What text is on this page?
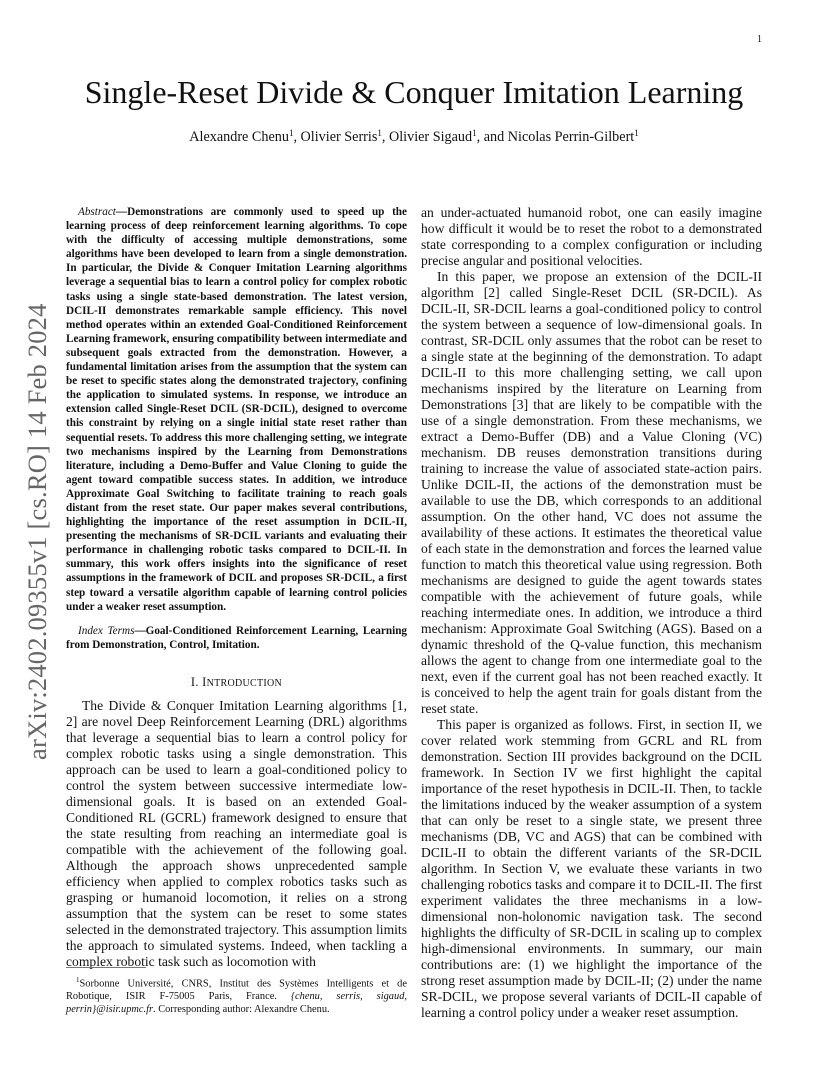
1
arXiv:2402.09355v1 [cs.RO] 14 Feb 2024
Single-Reset Divide & Conquer Imitation Learning
Alexandre Chenu$^1$, Olivier Serris$^1$, Olivier Sigaud$^1$, and Nicolas Perrin-Gilbert$^1$

Abstract—Demonstrations are commonly used to speed up the learning process of deep reinforcement learning algorithms. To cope with the difficulty of accessing multiple demonstrations, some algorithms have been developed to learn from a single demonstration. In particular, the Divide & Conquer Imitation Learning algorithms leverage a sequential bias to learn a control policy for complex robotic tasks using a single state-based demonstration. The latest version, DCIL-II demonstrates remarkable sample efficiency. This novel method operates within an extended Goal-Conditioned Reinforcement Learning framework, ensuring compatibility between intermediate and subsequent goals extracted from the demonstration. However, a fundamental limitation arises from the assumption that the system can be reset to specific states along the demonstrated trajectory, confining the application to simulated systems. In response, we introduce an extension called Single-Reset DCIL (SR-DCIL), designed to overcome this constraint by relying on a single initial state reset rather than sequential resets. To address this more challenging setting, we integrate two mechanisms inspired by the Learning from Demonstrations literature, including a Demo-Buffer and Value Cloning to guide the agent toward compatible success states. In addition, we introduce Approximate Goal Switching to facilitate training to reach goals distant from the reset state. Our paper makes several contributions, highlighting the importance of the reset assumption in DCIL-II, presenting the mechanisms of SR-DCIL variants and evaluating their performance in challenging robotic tasks compared to DCIL-II. In summary, this work offers insights into the significance of reset assumptions in the framework of DCIL and proposes SR-DCIL, a first step toward a versatile algorithm capable of learning control policies under a weaker reset assumption.

Index Terms—Goal-Conditioned Reinforcement Learning, Learning from Demonstration, Control, Imitation.

I. INTRODUCTION

The Divide & Conquer Imitation Learning algorithms [1, 2] are novel Deep Reinforcement Learning (DRL) algorithms that leverage a sequential bias to learn a control policy for complex robotic tasks using a single demonstration. This approach can be used to learn a goal-conditioned policy to control the system between successive intermediate low-dimensional goals. It is based on an extended Goal-Conditioned RL (GCRL) framework designed to ensure that the state resulting from reaching an intermediate goal is compatible with the achievement of the following goal. Although the approach shows unprecedented sample efficiency when applied to complex robotics tasks such as grasping or humanoid locomotion, it relies on a strong assumption that the system can be reset to some states selected in the demonstrated trajectory. This assumption limits the approach to simulated systems. Indeed, when tackling a complex robotic task such as locomotion with

$^1$Sorbonne Université, CNRS, Institut des Systèmes Intelligents et de Robotique, ISIR F-75005 Paris, France. {chenu, serris, sigaud, perrin}@isir.upmc.fr. Corresponding author: Alexandre Chenu.

an under-actuated humanoid robot, one can easily imagine how difficult it would be to reset the robot to a demonstrated state corresponding to a complex configuration or including precise angular and positional velocities.

In this paper, we propose an extension of the DCIL-II algorithm [2] called Single-Reset DCIL (SR-DCIL). As DCIL-II, SR-DCIL learns a goal-conditioned policy to control the system between a sequence of low-dimensional goals. In contrast, SR-DCIL only assumes that the robot can be reset to a single state at the beginning of the demonstration. To adapt DCIL-II to this more challenging setting, we call upon mechanisms inspired by the literature on Learning from Demonstrations [3] that are likely to be compatible with the use of a single demonstration. From these mechanisms, we extract a Demo-Buffer (DB) and a Value Cloning (VC) mechanism. DB reuses demonstration transitions during training to increase the value of associated state-action pairs. Unlike DCIL-II, the actions of the demonstration must be available to use the DB, which corresponds to an additional assumption. On the other hand, VC does not assume the availability of these actions. It estimates the theoretical value of each state in the demonstration and forces the learned value function to match this theoretical value using regression. Both mechanisms are designed to guide the agent towards states compatible with the achievement of future goals, while reaching intermediate ones. In addition, we introduce a third mechanism: Approximate Goal Switching (AGS). Based on a dynamic threshold of the Q-value function, this mechanism allows the agent to change from one intermediate goal to the next, even if the current goal has not been reached exactly. It is conceived to help the agent train for goals distant from the reset state.

This paper is organized as follows. First, in section II, we cover related work stemming from GCRL and RL from demonstration. Section III provides background on the DCIL framework. In Section IV we first highlight the capital importance of the reset hypothesis in DCIL-II. Then, to tackle the limitations induced by the weaker assumption of a system that can only be reset to a single state, we present three mechanisms (DB, VC and AGS) that can be combined with DCIL-II to obtain the different variants of the SR-DCIL algorithm. In Section V, we evaluate these variants in two challenging robotics tasks and compare it to DCIL-II. The first experiment validates the three mechanisms in a low-dimensional non-holonomic navigation task. The second highlights the difficulty of SR-DCIL in scaling up to complex high-dimensional environments. In summary, our main contributions are: (1) we highlight the importance of the strong reset assumption made by DCIL-II; (2) under the name SR-DCIL, we propose several variants of DCIL-II capable of learning a control policy under a weaker reset assumption.
